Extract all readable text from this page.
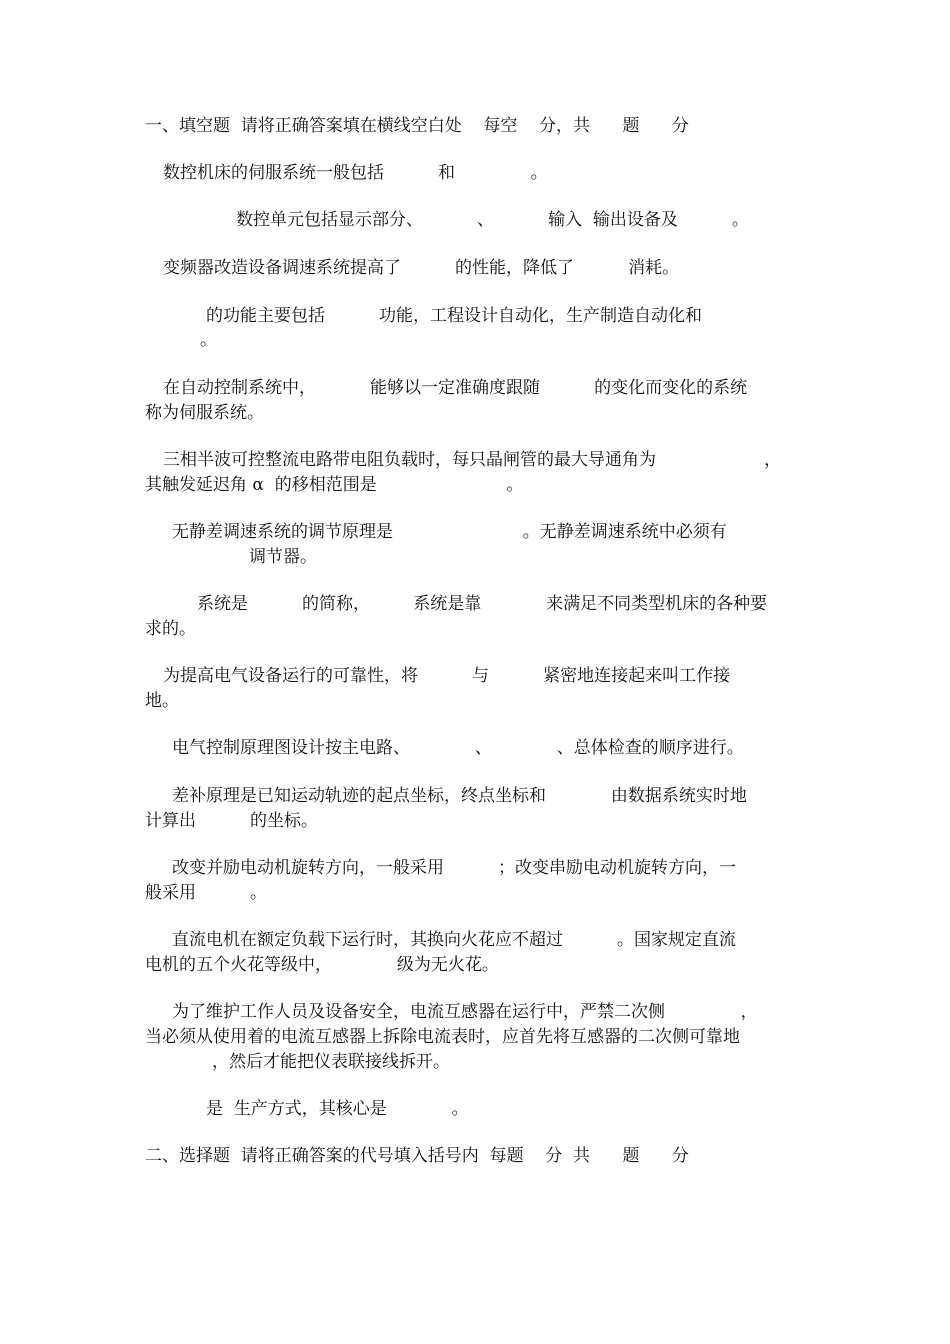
一、填空题  请将正确答案填在横线空白处    每空    分，共      题      分

数控机床的伺服系统一般包括          和              。

数控单元包括显示部分、          、          输入  输出设备及          。

变频器改造设备调速系统提高了          的性能，降低了          消耗。

的功能主要包括          功能，工程设计自动化，生产制造自动化和

。

在自动控制系统中，          能够以一定准确度跟随          的变化而变化的系统

称为伺服系统。

三相半波可控整流电路带电阻负载时，每只晶闸管的最大导通角为                    ，

其触发延迟角 α  的移相范围是                        。

无静差调速系统的调节原理是                        。无静差调速系统中必须有

调节器。

系统是          的简称，        系统是靠            来满足不同类型机床的各种要

求的。

为提高电气设备运行的可靠性，将          与          紧密地连接起来叫工作接

地。

电气控制原理图设计按主电路、            、            、总体检查的顺序进行。

差补原理是已知运动轨迹的起点坐标，终点坐标和            由数据系统实时地

计算出          的坐标。

改变并励电动机旋转方向，一般采用          ；改变串励电动机旋转方向，一

般采用          。

直流电机在额定负载下运行时，其换向火花应不超过          。国家规定直流

电机的五个火花等级中，            级为无火花。

为了维护工作人员及设备安全，电流互感器在运行中，严禁二次侧              ，

当必须从使用着的电流互感器上拆除电流表时，应首先将互感器的二次侧可靠地

，然后才能把仪表联接线拆开。

是  生产方式，其核心是            。

二、选择题  请将正确答案的代号填入括号内  每题    分  共      题      分
